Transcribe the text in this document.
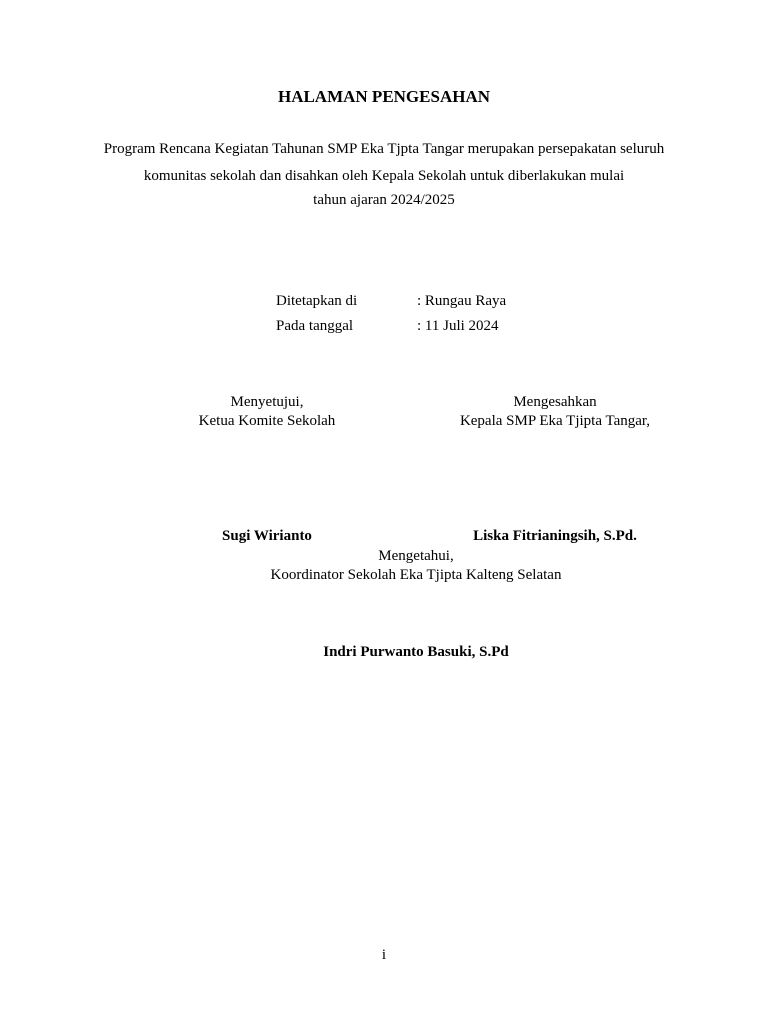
HALAMAN PENGESAHAN
Program Rencana Kegiatan Tahunan SMP Eka Tjpta Tangar merupakan persepakatan seluruh
komunitas sekolah dan disahkan oleh Kepala Sekolah untuk diberlakukan mulai
tahun ajaran 2024/2025
Ditetapkan di	: Rungau Raya
Pada tanggal	: 11 Juli 2024
Menyetujui,
Ketua Komite Sekolah
Sugi Wirianto
Mengesahkan
Kepala SMP Eka Tjipta Tangar,
Liska Fitrianingsih, S.Pd.
Mengetahui,
Koordinator Sekolah Eka Tjipta Kalteng Selatan
Indri Purwanto Basuki, S.Pd
i
